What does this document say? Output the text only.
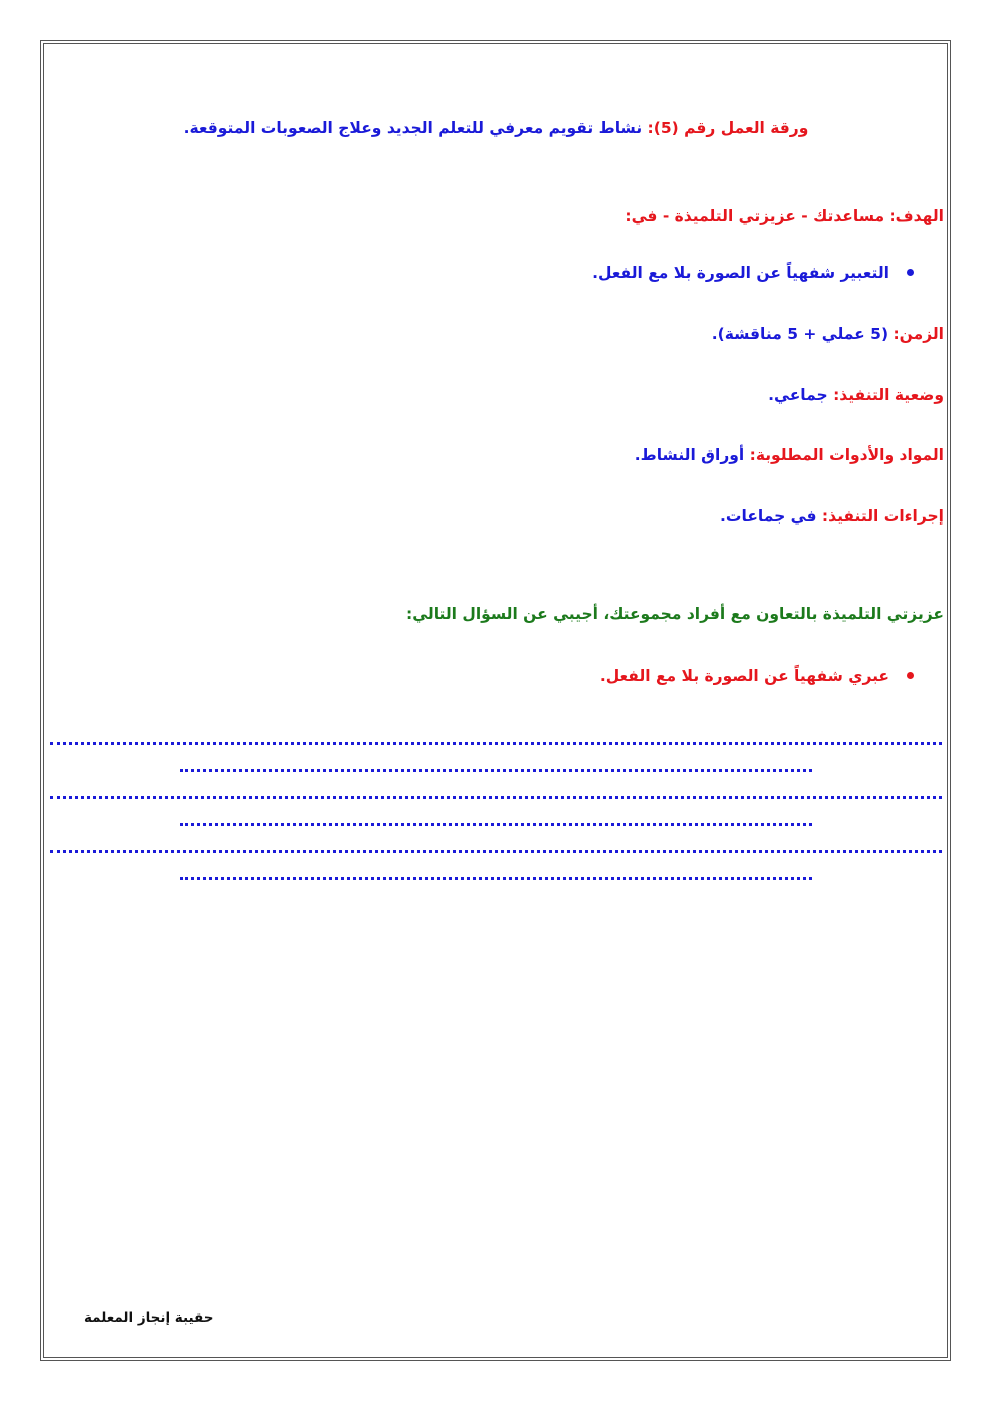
ورقة العمل رقم (5): نشاط تقويم معرفي للتعلم الجديد وعلاج الصعوبات المتوقعة.
الهدف: مساعدتك - عزيزتي التلميذة - في:
التعبير شفهياً عن الصورة بلا مع الفعل.
الزمن: (5 عملي + 5 مناقشة).
وضعية التنفيذ: جماعي.
المواد والأدوات المطلوبة: أوراق النشاط.
إجراءات التنفيذ: في جماعات.
عزيزتي التلميذة بالتعاون مع أفراد مجموعتك، أجيبي عن السؤال التالي:
عبري شفهياً عن الصورة بلا مع الفعل.
حقيبة إنجاز المعلمة
